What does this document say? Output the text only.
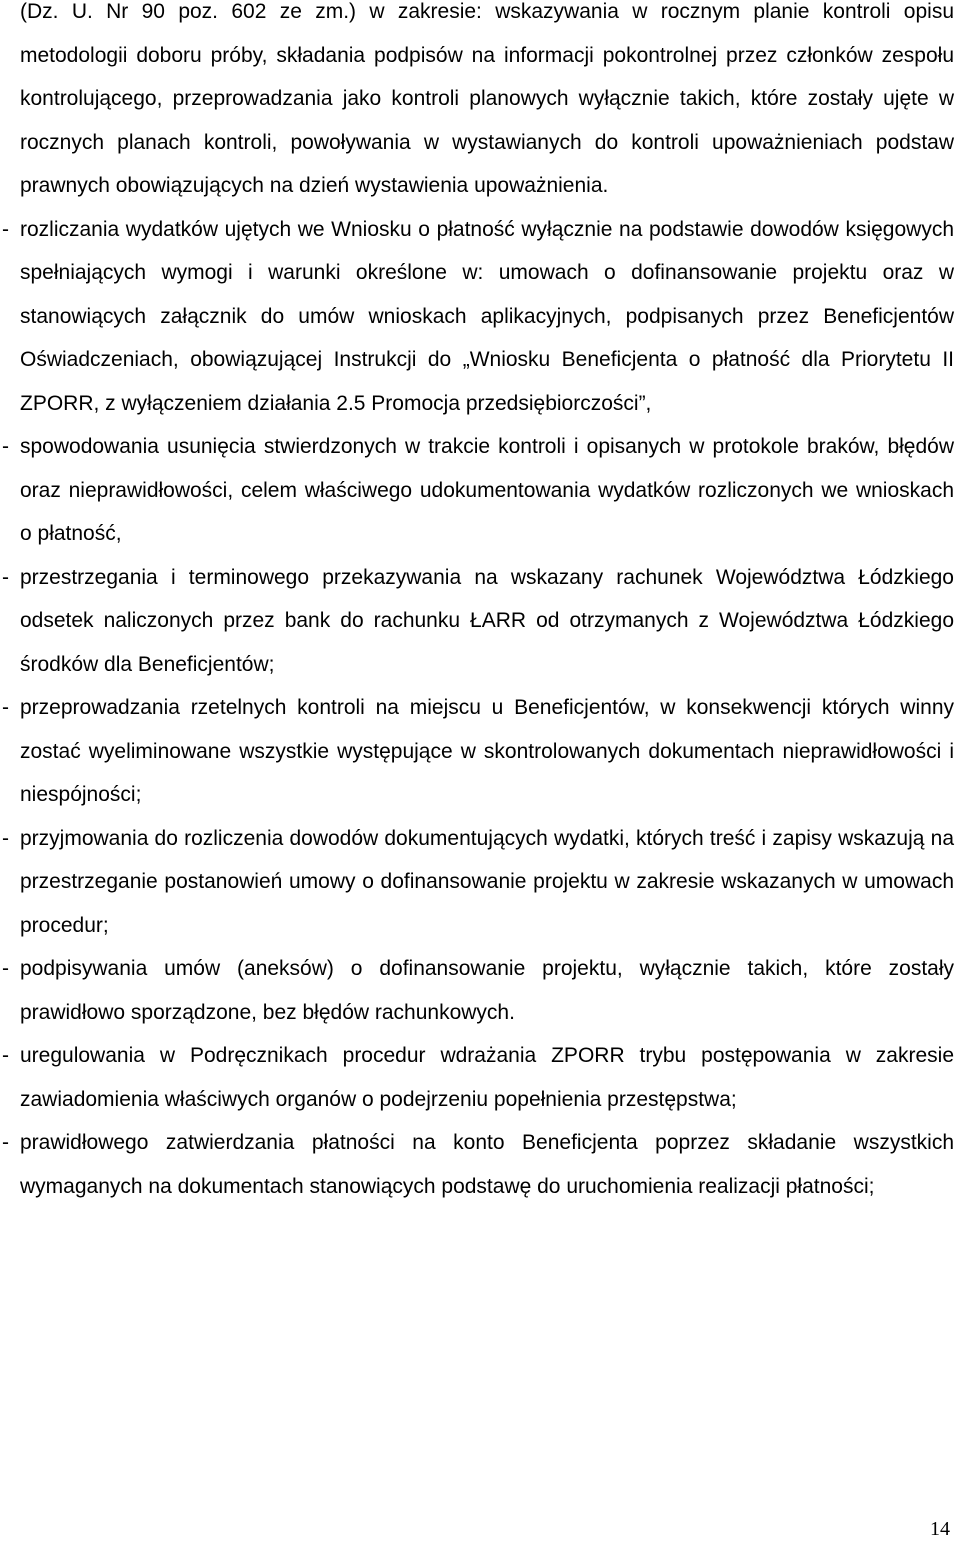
(Dz. U. Nr 90 poz. 602 ze zm.) w zakresie: wskazywania w rocznym planie kontroli opisu metodologii doboru próby, składania podpisów na informacji pokontrolnej przez członków zespołu kontrolującego, przeprowadzania jako kontroli planowych wyłącznie takich, które zostały ujęte w rocznych planach kontroli, powoływania w wystawianych do kontroli upoważnieniach podstaw prawnych obowiązujących na dzień wystawienia upoważnienia.

- rozliczania wydatków ujętych we Wniosku o płatność wyłącznie na podstawie dowodów księgowych spełniających wymogi i warunki określone w: umowach o dofinansowanie projektu oraz w stanowiących załącznik do umów wnioskach aplikacyjnych, podpisanych przez Beneficjentów Oświadczeniach, obowiązującej Instrukcji do „Wniosku Beneficjenta o płatność dla Priorytetu II ZPORR, z wyłączeniem działania 2.5 Promocja przedsiębiorczości”,
- spowodowania usunięcia stwierdzonych w trakcie kontroli i opisanych w protokole braków, błędów oraz nieprawidłowości, celem właściwego udokumentowania wydatków rozliczonych we wnioskach o płatność,
- przestrzegania i terminowego przekazywania na wskazany rachunek Województwa Łódzkiego odsetek naliczonych przez bank do rachunku ŁARR od otrzymanych z Województwa Łódzkiego środków dla Beneficjentów;
- przeprowadzania rzetelnych kontroli na miejscu u Beneficjentów, w konsekwencji których winny zostać wyeliminowane wszystkie występujące w skontrolowanych dokumentach nieprawidłowości i niespójności;
- przyjmowania do rozliczenia dowodów dokumentujących wydatki, których treść i zapisy wskazują na przestrzeganie postanowień umowy o dofinansowanie projektu w zakresie wskazanych w umowach procedur;
- podpisywania umów (aneksów) o dofinansowanie projektu, wyłącznie takich, które zostały prawidłowo sporządzone, bez błędów rachunkowych.
- uregulowania w Podręcznikach procedur wdrażania ZPORR trybu postępowania w zakresie zawiadomienia właściwych organów o podejrzeniu popełnienia przestępstwa;
- prawidłowego zatwierdzania płatności na konto Beneficjenta poprzez składanie wszystkich wymaganych na dokumentach stanowiących podstawę do uruchomienia realizacji płatności;
14
